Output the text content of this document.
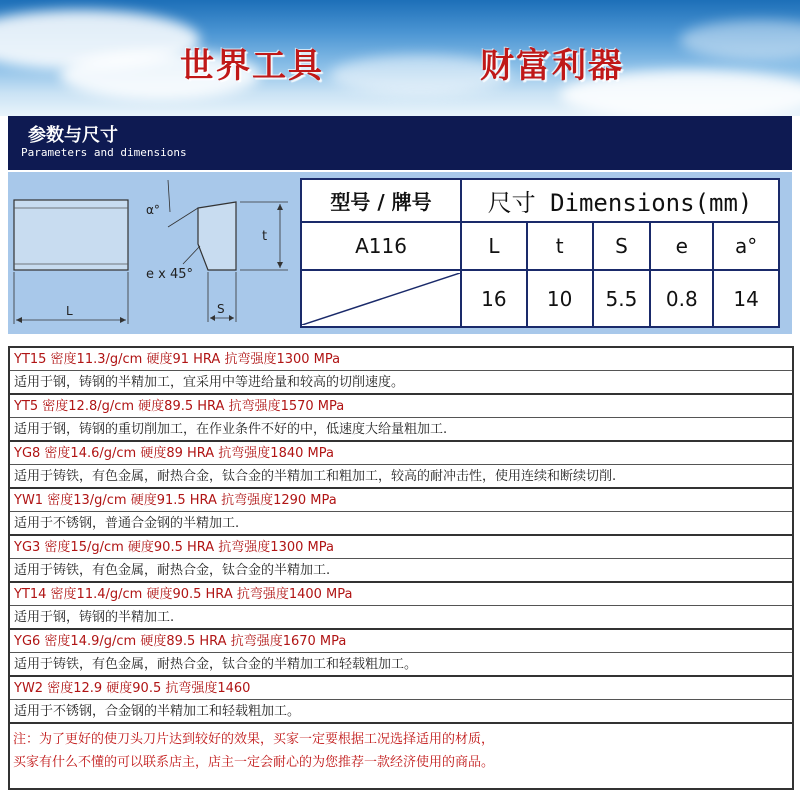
世界工具	财富利器
参数与尺寸
Parameters and dimensions
L
α°
e x 45°
t
S
型号 / 牌号	尺寸 Dimensions(mm)				
A116	L	t	S	e	a°

	16	10	5.5	0.8	14
YT15 密度11.3/g/cm 硬度91 HRA 抗弯强度1300 MPa
适用于钢，铸钢的半精加工，宜采用中等进给量和较高的切削速度。
YT5 密度12.8/g/cm 硬度89.5 HRA 抗弯强度1570 MPa
适用于钢，铸钢的重切削加工，在作业条件不好的中，低速度大给量粗加工.
YG8 密度14.6/g/cm 硬度89 HRA 抗弯强度1840 MPa
适用于铸铁，有色金属，耐热合金，钛合金的半精加工和粗加工，较高的耐冲击性，使用连续和断续切削.
YW1 密度13/g/cm 硬度91.5 HRA 抗弯强度1290 MPa
适用于不锈钢，普通合金钢的半精加工.
YG3 密度15/g/cm 硬度90.5 HRA 抗弯强度1300 MPa
适用于铸铁，有色金属，耐热合金，钛合金的半精加工.
YT14 密度11.4/g/cm 硬度90.5 HRA 抗弯强度1400 MPa
适用于钢，铸钢的半精加工.
YG6 密度14.9/g/cm 硬度89.5 HRA 抗弯强度1670 MPa
适用于铸铁，有色金属，耐热合金，钛合金的半精加工和轻载粗加工。
YW2 密度12.9 硬度90.5 抗弯强度1460
适用于不锈钢，合金钢的半精加工和轻载粗加工。
注：为了更好的使刀头刀片达到较好的效果，买家一定要根据工况选择适用的材质，
买家有什么不懂的可以联系店主，店主一定会耐心的为您推荐一款经济使用的商品。
